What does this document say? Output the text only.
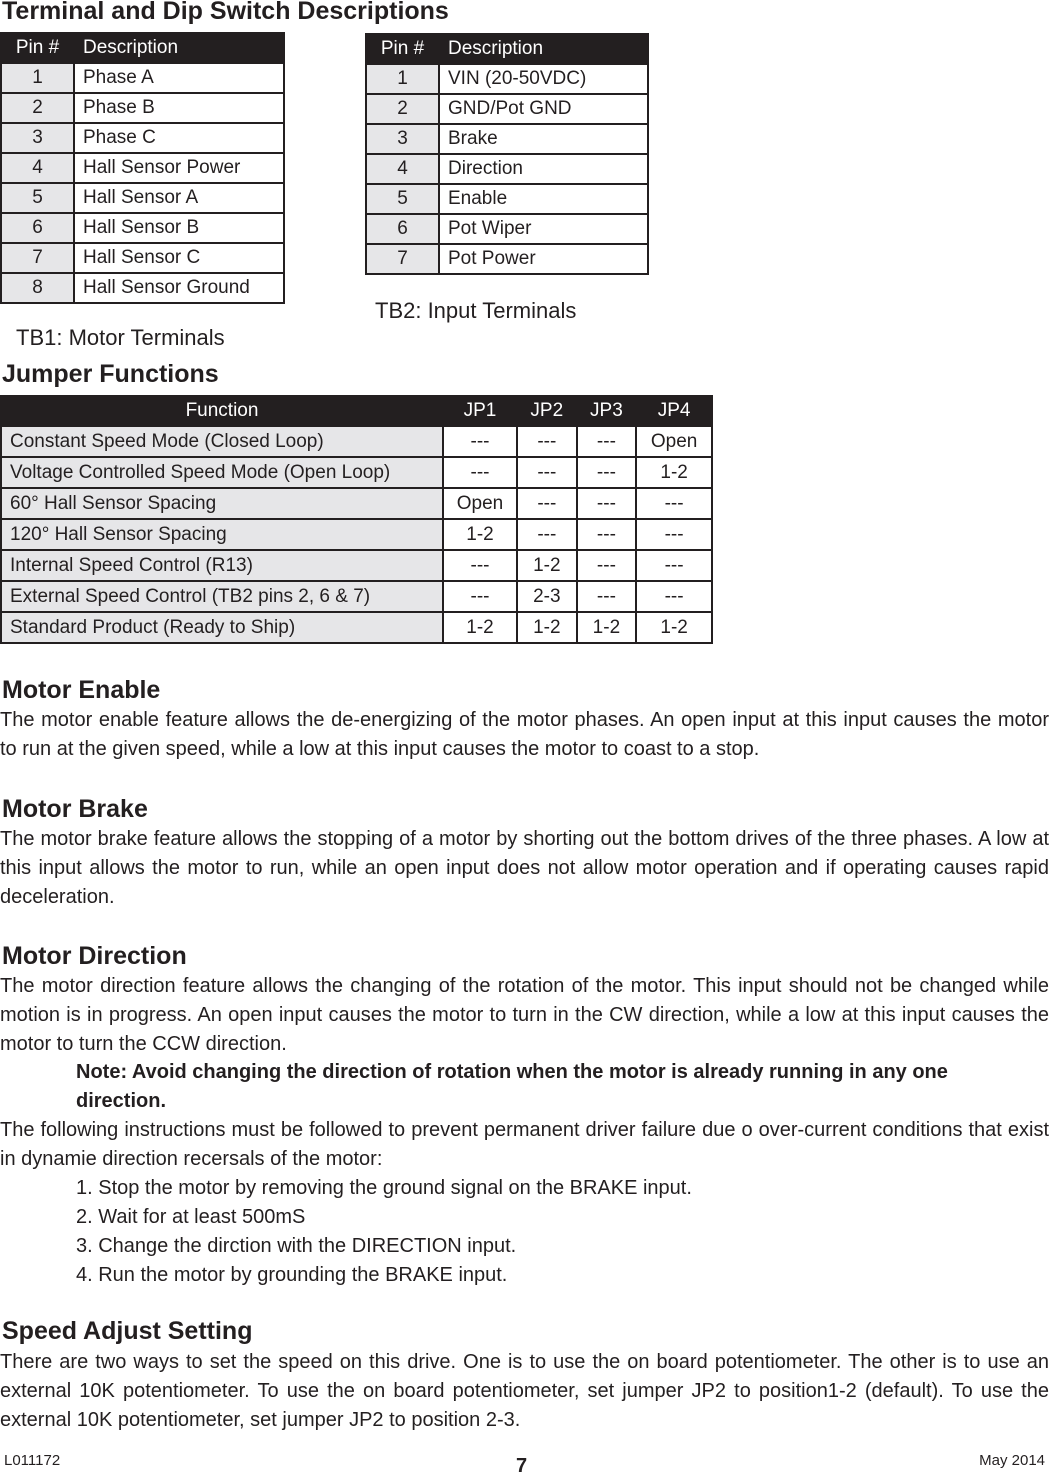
Terminal and Dip Switch Descriptions
Pin #	Description
1	Phase A
2	Phase B
3	Phase C
4	Hall Sensor Power
5	Hall Sensor A
6	Hall Sensor B
7	Hall Sensor C
8	Hall Sensor Ground
TB1: Motor Terminals
Pin #	Description
1	VIN (20-50VDC)
2	GND/Pot GND
3	Brake
4	Direction
5	Enable
6	Pot Wiper
7	Pot Power
TB2: Input Terminals
Jumper Functions
Function	JP1	JP2	JP3	JP4
Constant Speed Mode (Closed Loop)	---	---	---	Open
Voltage Controlled Speed Mode (Open Loop)	---	---	---	1-2
60° Hall Sensor Spacing	Open	---	---	---
120° Hall Sensor Spacing	1-2	---	---	---
Internal Speed Control (R13)	---	1-2	---	---
External Speed Control (TB2 pins 2, 6 & 7)	---	2-3	---	---
Standard Product (Ready to Ship)	1-2	1-2	1-2	1-2
Motor Enable

The motor enable feature allows the de-energizing of the motor phases. An open input at this input causes the motor to run at the given speed, while a low at this input causes the motor to coast to a stop.

Motor Brake

The motor brake feature allows the stopping of a motor by shorting out the bottom drives of the three phases. A low at this input allows the motor to run, while an open input does not allow motor operation and if operating causes rapid deceleration.

Motor Direction

The motor direction feature allows the changing of the rotation of the motor. This input should not be changed while motion is in progress. An open input causes the motor to turn in the CW direction, while a low at this input causes the motor to turn the CCW direction.

Note: Avoid changing the direction of rotation when the motor is already running in any one direction.

The following instructions must be followed to prevent permanent driver failure due o over-current conditions that exist in dynamie direction recersals of the motor:

1. Stop the motor by removing the ground signal on the BRAKE input.
2. Wait for at least 500mS
3. Change the dirction with the DIRECTION input.
4. Run the motor by grounding the BRAKE input.
Speed Adjust Setting

There are two ways to set the speed on this drive. One is to use the on board potentiometer. The other is to use an external 10K potentiometer. To use the on board potentiometer, set jumper JP2 to position1-2 (default). To use the external 10K potentiometer, set jumper JP2 to position 2-3.

L011172	7	May 2014
